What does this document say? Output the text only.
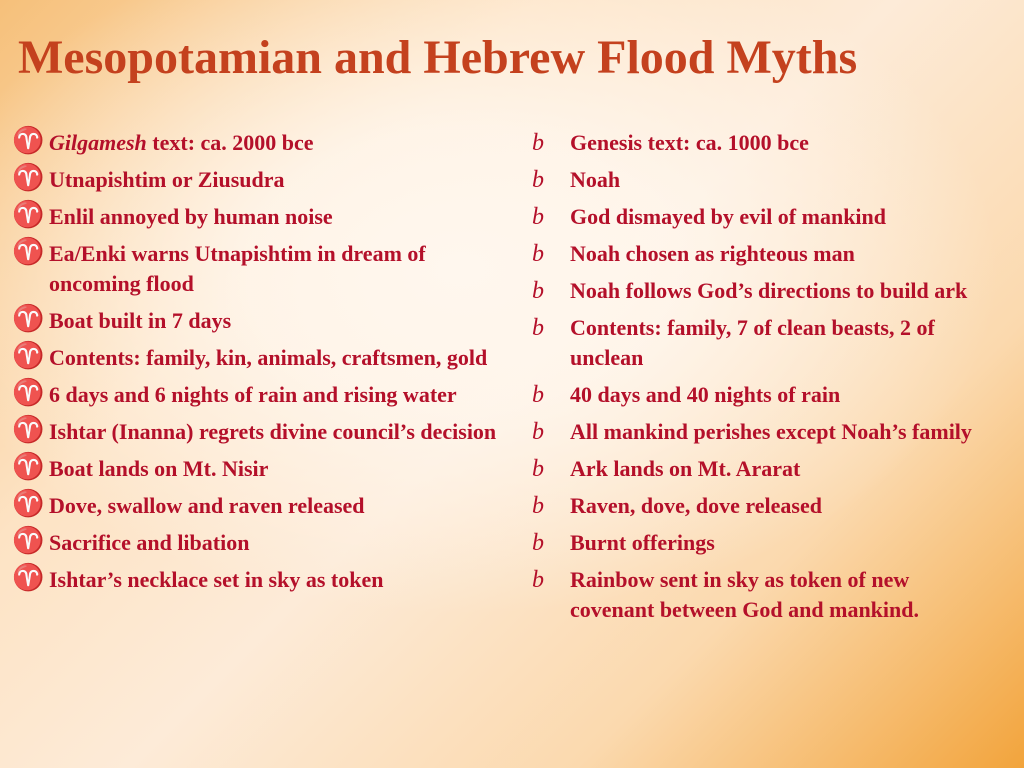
Mesopotamian and Hebrew Flood Myths
♈ Gilgamesh text: ca. 2000 bce
♈ Utnapishtim or Ziusudra
♈ Enlil annoyed by human noise
♈ Ea/Enki warns Utnapishtim in dream of oncoming flood
♈ Boat built in 7 days
♈ Contents: family, kin, animals, craftsmen, gold
♈ 6 days and 6 nights of rain and rising water
♈ Ishtar (Inanna) regrets divine council’s decision
♈ Boat lands on Mt. Nisir
♈ Dove, swallow and raven released
♈ Sacrifice and libation
♈ Ishtar’s necklace set in sky as token
b Genesis text: ca. 1000 bce
b Noah
b God dismayed by evil of mankind
b Noah chosen as righteous man
b Noah follows God’s directions to build ark
b Contents: family, 7 of clean beasts, 2 of unclean
b 40 days and 40 nights of rain
b All mankind perishes except Noah’s family
b Ark lands on Mt. Ararat
b Raven, dove, dove released
b Burnt offerings
b Rainbow sent in sky as token of new covenant between God and mankind.
